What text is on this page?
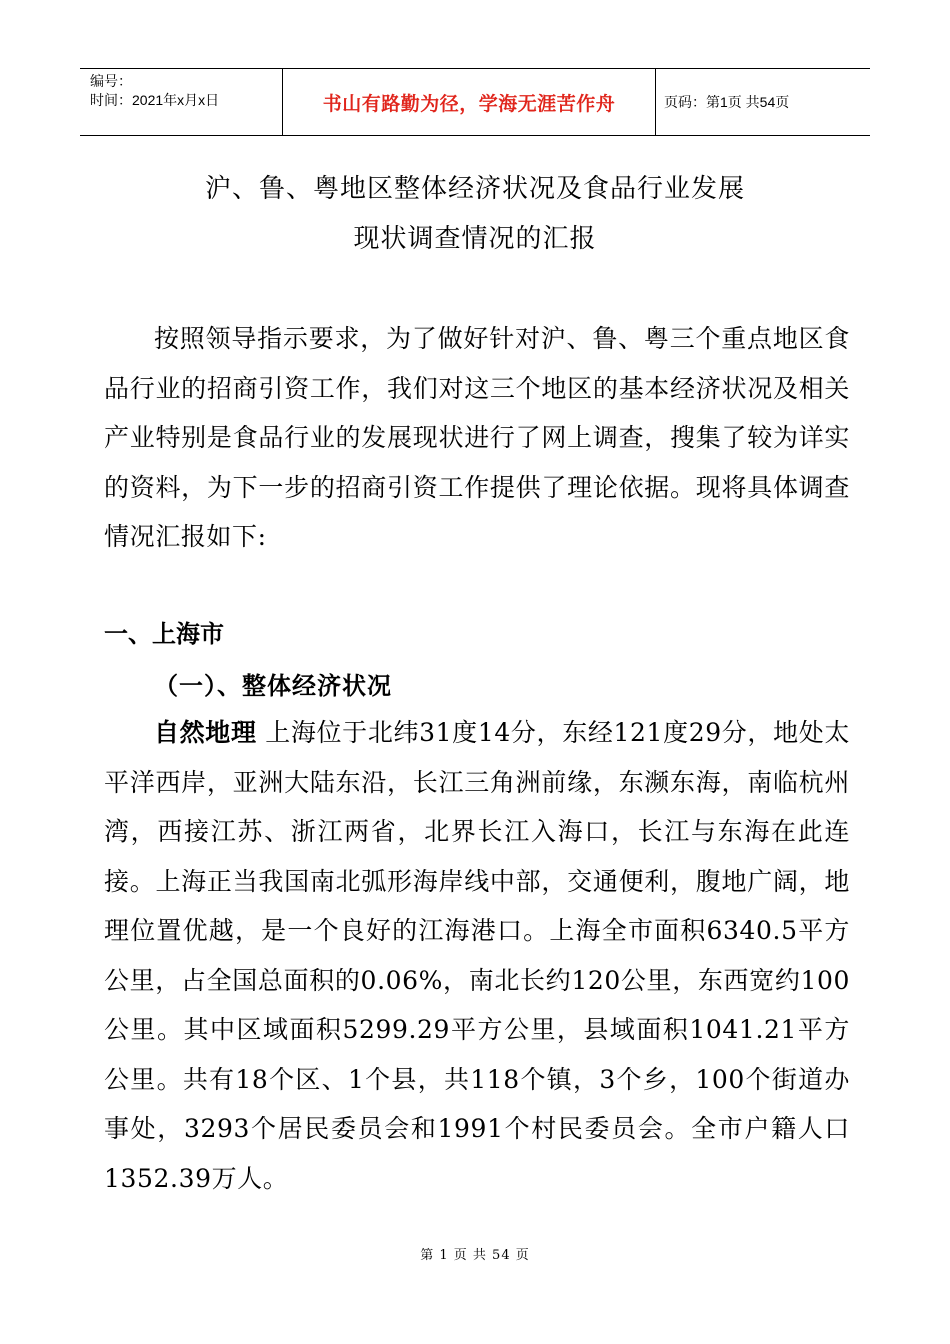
编号：
时间：2021年x月x日	书山有路勤为径，学海无涯苦作舟	页码：第1页 共54页
沪、鲁、粤地区整体经济状况及食品行业发展
现状调查情况的汇报

按照领导指示要求，为了做好针对沪、鲁、粤三个重点地区食品行业的招商引资工作，我们对这三个地区的基本经济状况及相关产业特别是食品行业的发展现状进行了网上调查，搜集了较为详实的资料，为下一步的招商引资工作提供了理论依据。现将具体调查情况汇报如下:

一、上海市
（一）、整体经济状况

自然地理 上海位于北纬31度14分，东经121度29分，地处太平洋西岸，亚洲大陆东沿，长江三角洲前缘，东濒东海，南临杭州湾，西接江苏、浙江两省，北界长江入海口，长江与东海在此连接。上海正当我国南北弧形海岸线中部，交通便利，腹地广阔，地理位置优越，是一个良好的江海港口。上海全市面积6340.5平方公里，占全国总面积的0.06%，南北长约120公里，东西宽约100公里。其中区域面积5299.29平方公里，县域面积1041.21平方公里。共有18个区、1个县，共118个镇，3个乡，100个街道办事处，3293个居民委员会和1991个村民委员会。全市户籍人口1352.39万人。

第 1 页 共 54 页
